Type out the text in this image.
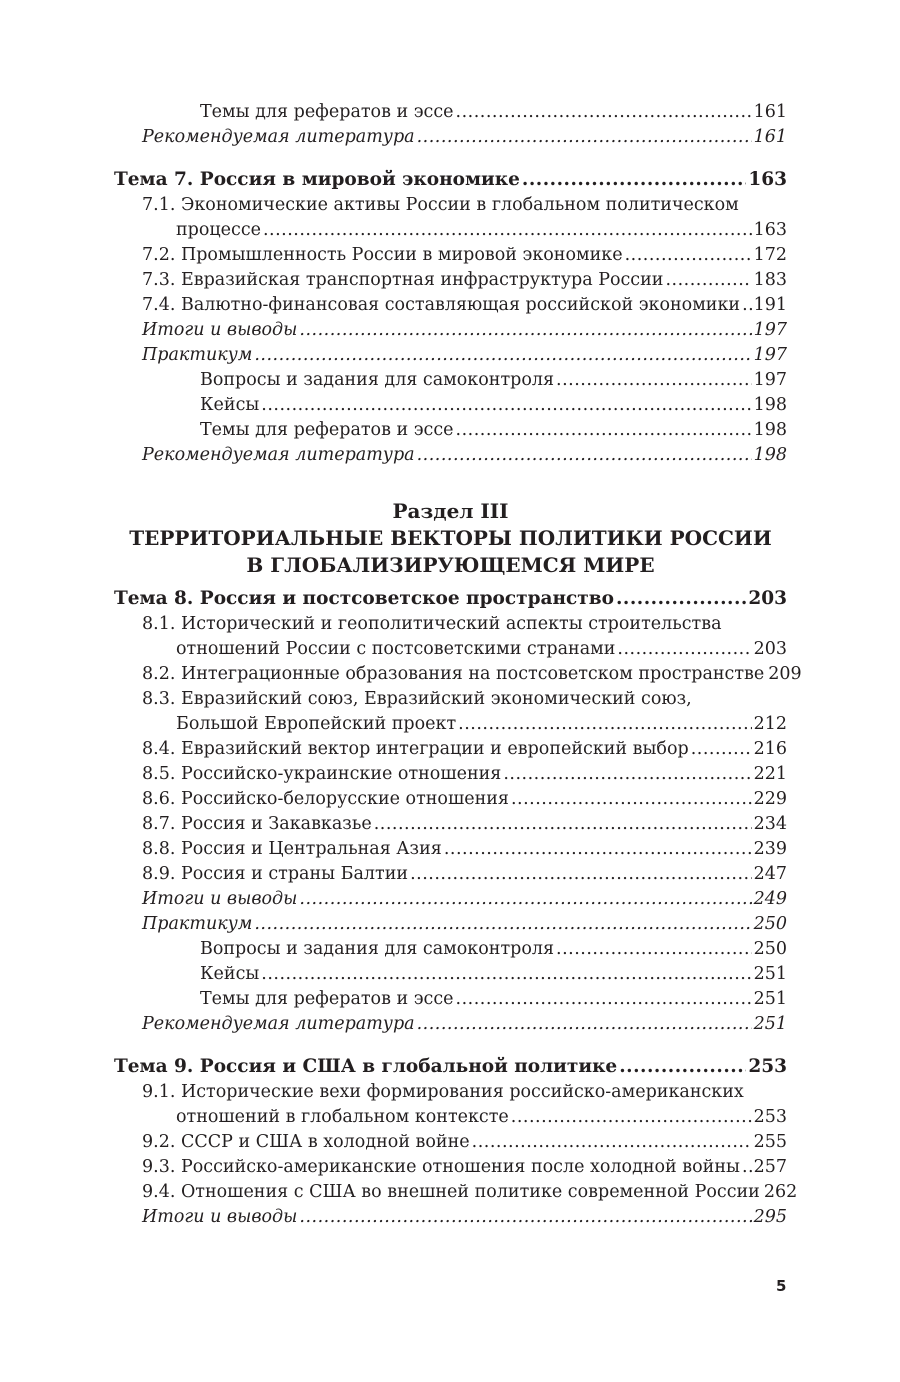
Темы для рефератов и эссе .....	161
Рекомендуемая литература .....	161
Тема 7. Россия в мировой экономике .....	163
7.1. Экономические активы России в глобальном политическом
процессе .....	163
7.2. Промышленность России в мировой экономике .....	172
7.3. Евразийская транспортная инфраструктура России .....	183
7.4. Валютно-финансовая составляющая российской экономики ..... 191
Итоги и выводы .....	197
Практикум .....	197
Вопросы и задания для самоконтроля .....	197
Кейсы .....	198
Темы для рефератов и эссе .....	198
Рекомендуемая литература .....	198
Раздел III
ТЕРРИТОРИАЛЬНЫЕ ВЕКТОРЫ ПОЛИТИКИ РОССИИ
В ГЛОБАЛИЗИРУЮЩЕМСЯ МИРЕ
Тема 8. Россия и постсоветское пространство .....	203
8.1. Исторический и геополитический аспекты строительства
отношений России с постсоветскими странами .....	203
8.2. Интеграционные образования на постсоветском пространстве 209
8.3. Евразийский союз, Евразийский экономический союз,
Большой Европейский проект .....	212
8.4. Евразийский вектор интеграции и европейский выбор .....	216
8.5. Российско-украинские отношения .....	221
8.6. Российско-белорусские отношения .....	229
8.7. Россия и Закавказье .....	234
8.8. Россия и Центральная Азия .....	239
8.9. Россия и страны Балтии .....	247
Итоги и выводы .....	249
Практикум .....	250
Вопросы и задания для самоконтроля .....	250
Кейсы .....	251
Темы для рефератов и эссе .....	251
Рекомендуемая литература .....	251
Тема 9. Россия и США в глобальной политике .....	253
9.1. Исторические вехи формирования российско-американских
отношений в глобальном контексте .....	253
9.2. СССР и США в холодной войне .....	255
9.3. Российско-американские отношения после холодной войны ..... 257
9.4. Отношения с США во внешней политике современной России 262
Итоги и выводы .....	295
5
